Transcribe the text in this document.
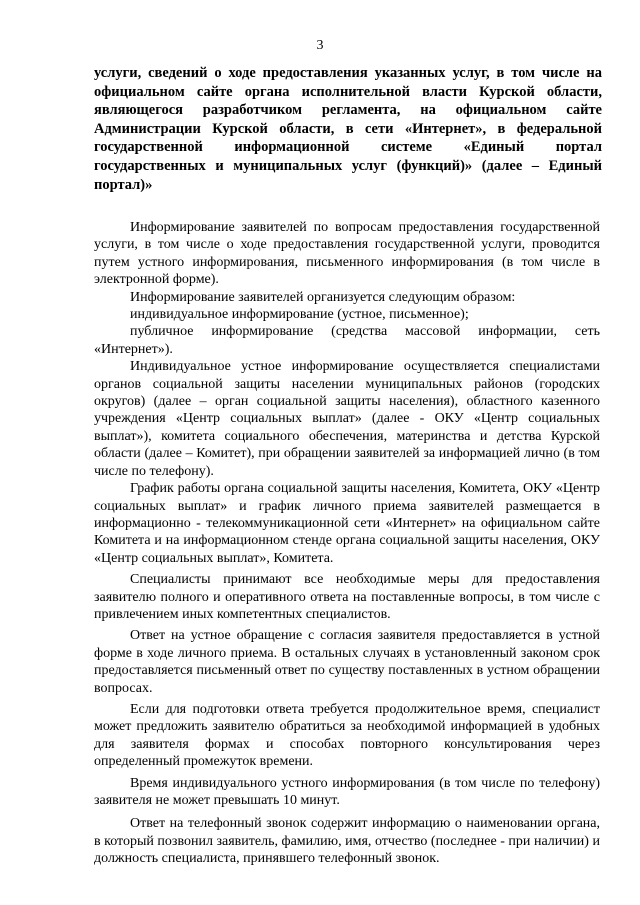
3
услуги, сведений о ходе предоставления указанных услуг, в том числе на официальном сайте органа исполнительной власти Курской области, являющегося разработчиком регламента, на официальном сайте Администрации Курской области, в сети «Интернет», в федеральной государственной информационной системе «Единый портал государственных и муниципальных услуг (функций)» (далее – Единый портал)»

Информирование заявителей по вопросам предоставления государственной услуги, в том числе о ходе предоставления государственной услуги, проводится путем устного информирования, письменного информирования (в том числе в электронной форме).

Информирование заявителей организуется следующим образом:

индивидуальное информирование (устное, письменное);

публичное информирование (средства массовой информации, сеть «Интернет»).

Индивидуальное устное информирование осуществляется специалистами органов социальной защиты населении муниципальных районов (городских округов) (далее – орган социальной защиты населения), областного казенного учреждения «Центр социальных выплат» (далее - ОКУ «Центр социальных выплат»), комитета социального обеспечения, материнства и детства Курской области (далее – Комитет), при обращении заявителей за информацией лично (в том числе по телефону).

График работы органа социальной защиты населения, Комитета, ОКУ «Центр социальных выплат» и график личного приема заявителей размещается в информационно - телекоммуникационной сети «Интернет» на официальном сайте Комитета и на информационном стенде органа социальной защиты населения, ОКУ «Центр социальных выплат», Комитета.

Специалисты принимают все необходимые меры для предоставления заявителю полного и оперативного ответа на поставленные вопросы, в том числе с привлечением иных компетентных специалистов.

Ответ на устное обращение с согласия заявителя предоставляется в устной форме в ходе личного приема. В остальных случаях в установленный законом срок предоставляется письменный ответ по существу поставленных в устном обращении вопросах.

Если для подготовки ответа требуется продолжительное время, специалист может предложить заявителю обратиться за необходимой информацией в удобных для заявителя формах и способах повторного консультирования через определенный промежуток времени.

Время индивидуального устного информирования (в том числе по телефону) заявителя не может превышать 10 минут.

Ответ на телефонный звонок содержит информацию о наименовании органа, в который позвонил заявитель, фамилию, имя, отчество (последнее - при наличии) и должность специалиста, принявшего телефонный звонок.
